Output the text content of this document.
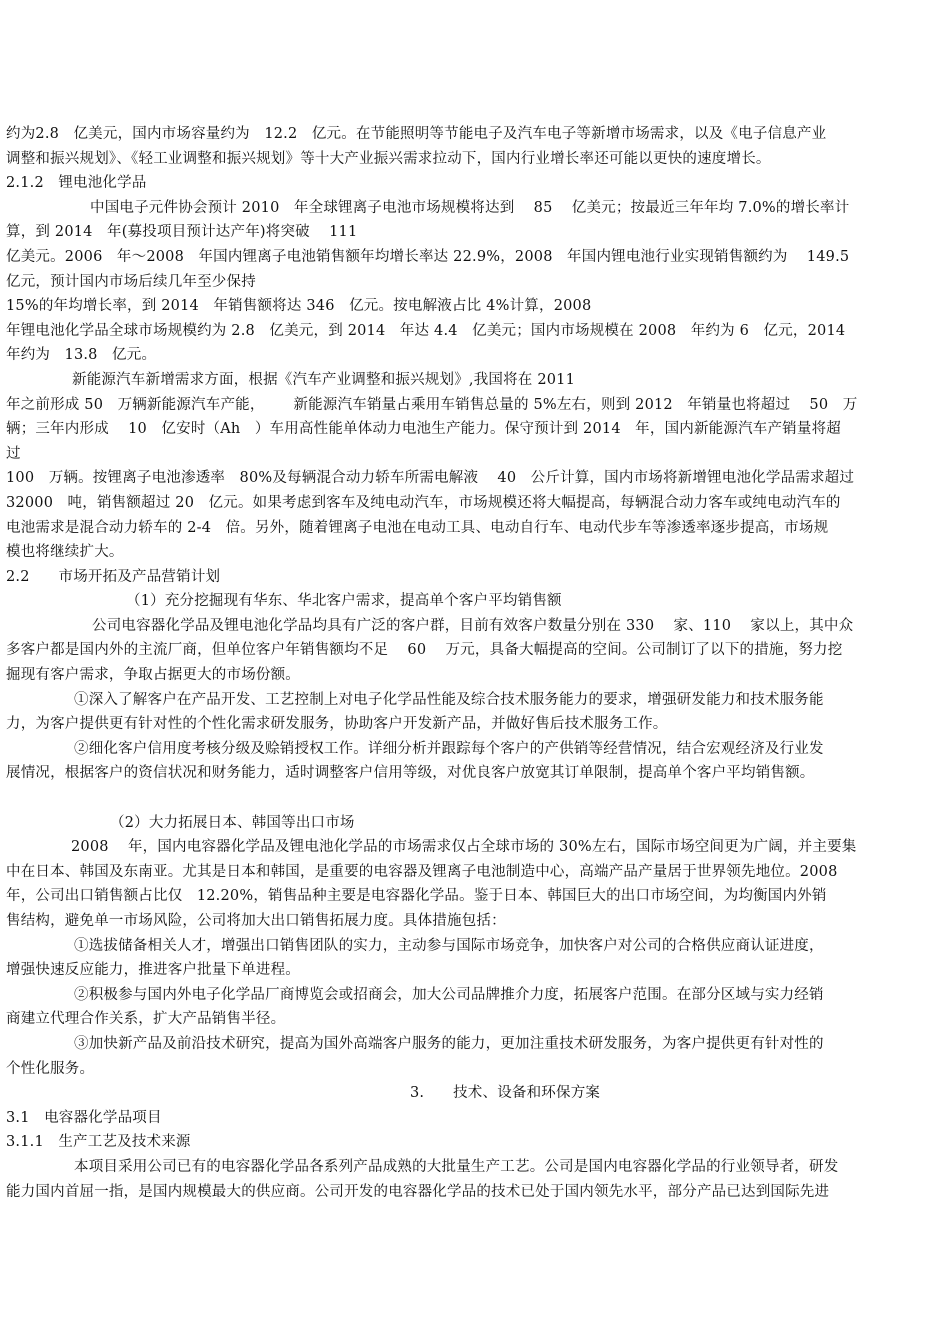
约为2.8   亿美元，国内市场容量约为   12.2   亿元。在节能照明等节能电子及汽车电子等新增市场需求，以及《电子信息产业
调整和振兴规划》、《轻工业调整和振兴规划》等十大产业振兴需求拉动下，国内行业增长率还可能以更快的速度增长。
2.1.2   锂电池化学品
中国电子元件协会预计 2010   年全球锂离子电池市场规模将达到    85    亿美元；按最近三年年均 7.0%的增长率计
算，到 2014   年(募投项目预计达产年)将突破    111
亿美元。2006   年～2008   年国内锂离子电池销售额年均增长率达 22.9%，2008   年国内锂电池行业实现销售额约为    149.5
亿元，预计国内市场后续几年至少保持
15%的年均增长率，到 2014   年销售额将达 346   亿元。按电解液占比 4%计算，2008
年锂电池化学品全球市场规模约为 2.8   亿美元，到 2014   年达 4.4   亿美元；国内市场规模在 2008   年约为 6   亿元，2014
年约为   13.8   亿元。
新能源汽车新增需求方面，根据《汽车产业调整和振兴规划》,我国将在 2011
年之前形成 50   万辆新能源汽车产能，      新能源汽车销量占乘用车销售总量的 5%左右，则到 2012   年销量也将超过    50   万
辆；三年内形成    10   亿安时（Ah   ）车用高性能单体动力电池生产能力。保守预计到 2014   年，国内新能源汽车产销量将超
过
100   万辆。按锂离子电池渗透率   80%及每辆混合动力轿车所需电解液    40   公斤计算，国内市场将新增锂电池化学品需求超过
32000   吨，销售额超过 20   亿元。如果考虑到客车及纯电动汽车，市场规模还将大幅提高，每辆混合动力客车或纯电动汽车的
电池需求是混合动力轿车的 2-4   倍。另外，随着锂离子电池在电动工具、电动自行车、电动代步车等渗透率逐步提高，市场规
模也将继续扩大。
2.2      市场开拓及产品营销计划
（1）充分挖掘现有华东、华北客户需求，提高单个客户平均销售额
公司电容器化学品及锂电池化学品均具有广泛的客户群，目前有效客户数量分别在 330    家、110    家以上，其中众
多客户都是国内外的主流厂商，但单位客户年销售额均不足    60    万元，具备大幅提高的空间。公司制订了以下的措施，努力挖
掘现有客户需求，争取占据更大的市场份额。
①深入了解客户在产品开发、工艺控制上对电子化学品性能及综合技术服务能力的要求，增强研发能力和技术服务能
力，为客户提供更有针对性的个性化需求研发服务，协助客户开发新产品，并做好售后技术服务工作。
②细化客户信用度考核分级及赊销授权工作。详细分析并跟踪每个客户的产供销等经营情况，结合宏观经济及行业发
展情况，根据客户的资信状况和财务能力，适时调整客户信用等级，对优良客户放宽其订单限制，提高单个客户平均销售额。
（2）大力拓展日本、韩国等出口市场
2008    年，国内电容器化学品及锂电池化学品的市场需求仅占全球市场的 30%左右，国际市场空间更为广阔，并主要集
中在日本、韩国及东南亚。尤其是日本和韩国，是重要的电容器及锂离子电池制造中心，高端产品产量居于世界领先地位。2008
年，公司出口销售额占比仅   12.20%，销售品种主要是电容器化学品。鉴于日本、韩国巨大的出口市场空间，为均衡国内外销
售结构，避免单一市场风险，公司将加大出口销售拓展力度。具体措施包括：
①选拔储备相关人才，增强出口销售团队的实力，主动参与国际市场竞争，加快客户对公司的合格供应商认证进度，
增强快速反应能力，推进客户批量下单进程。
②积极参与国内外电子化学品厂商博览会或招商会，加大公司品牌推介力度，拓展客户范围。在部分区域与实力经销
商建立代理合作关系，扩大产品销售半径。
③加快新产品及前沿技术研究，提高为国外高端客户服务的能力，更加注重技术研发服务，为客户提供更有针对性的
个性化服务。
3.      技术、设备和环保方案
3.1   电容器化学品项目
3.1.1   生产工艺及技术来源
本项目采用公司已有的电容器化学品各系列产品成熟的大批量生产工艺。公司是国内电容器化学品的行业领导者，研发
能力国内首屈一指，是国内规模最大的供应商。公司开发的电容器化学品的技术已处于国内领先水平，部分产品已达到国际先进
